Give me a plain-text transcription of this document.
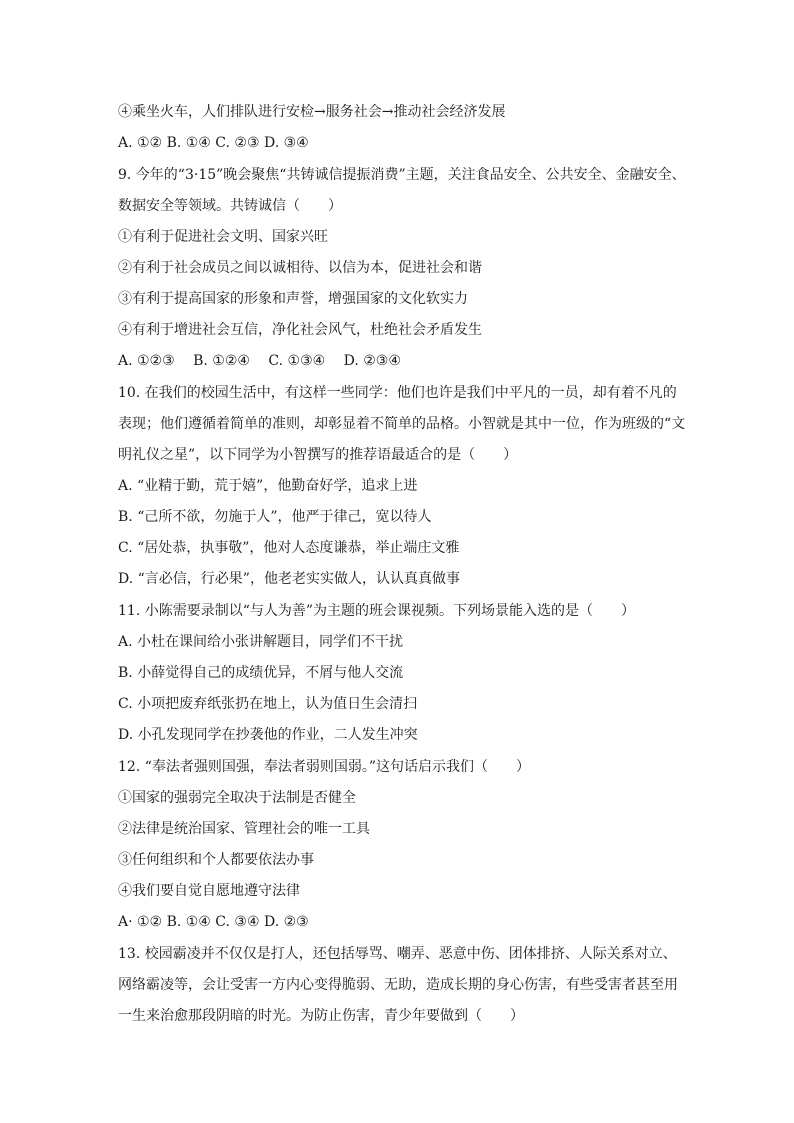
④乘坐火车，人们排队进行安检→服务社会→推动社会经济发展
A. ①② B. ①④ C. ②③ D. ③④
9. 今年的“3·15”晚会聚焦“共铸诚信提振消费”主题，关注食品安全、公共安全、金融安全、
数据安全等领域。共铸诚信（　　）
①有利于促进社会文明、国家兴旺
②有利于社会成员之间以诚相待、以信为本，促进社会和谐
③有利于提高国家的形象和声誉，增强国家的文化软实力
④有利于增进社会互信，净化社会风气，杜绝社会矛盾发生
A. ①②③　 B. ①②④　 C. ①③④　 D. ②③④
10. 在我们的校园生活中，有这样一些同学：他们也许是我们中平凡的一员，却有着不凡的
表现；他们遵循着简单的准则，却彰显着不简单的品格。小智就是其中一位，作为班级的“文
明礼仪之星”，以下同学为小智撰写的推荐语最适合的是（　　）
A. “业精于勤，荒于嬉”，他勤奋好学，追求上进
B. “己所不欲，勿施于人”，他严于律己，宽以待人
C. “居处恭，执事敬”，他对人态度谦恭，举止端庄文雅
D. “言必信，行必果”，他老老实实做人，认认真真做事
11. 小陈需要录制以“与人为善”为主题的班会课视频。下列场景能入选的是（　　）
A. 小杜在课间给小张讲解题目，同学们不干扰
B. 小薛觉得自己的成绩优异，不屑与他人交流
C. 小项把废弃纸张扔在地上，认为值日生会清扫
D. 小孔发现同学在抄袭他的作业，二人发生冲突
12. “奉法者强则国强，奉法者弱则国弱。”这句话启示我们（　　）
①国家的强弱完全取决于法制是否健全
②法律是统治国家、管理社会的唯一工具
③任何组织和个人都要依法办事
④我们要自觉自愿地遵守法律
A· ①② B. ①④ C. ③④ D. ②③
13. 校园霸凌并不仅仅是打人，还包括辱骂、嘲弄、恶意中伤、团体排挤、人际关系对立、
网络霸凌等，会让受害一方内心变得脆弱、无助，造成长期的身心伤害，有些受害者甚至用
一生来治愈那段阴暗的时光。为防止伤害，青少年要做到（　　）
